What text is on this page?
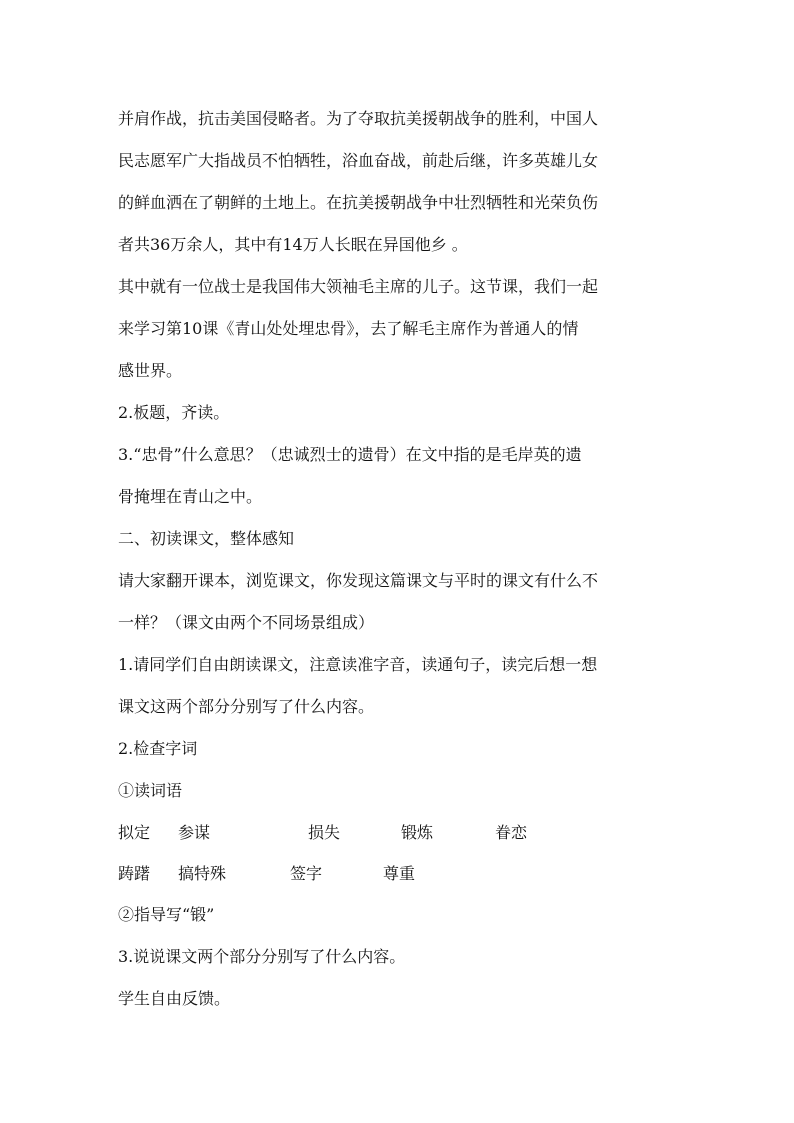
并肩作战，抗击美国侵略者。为了夺取抗美援朝战争的胜利，中国人

民志愿军广大指战员不怕牺牲，浴血奋战，前赴后继，许多英雄儿女

的鲜血洒在了朝鲜的土地上。在抗美援朝战争中壮烈牺牲和光荣负伤

者共36万余人，其中有14万人长眠在异国他乡 。

其中就有一位战士是我国伟大领袖毛主席的儿子。这节课，我们一起

来学习第10课《青山处处埋忠骨》，去了解毛主席作为普通人的情

感世界。

2.板题，齐读。

3.“忠骨”什么意思？（忠诚烈士的遗骨）在文中指的是毛岸英的遗

骨掩埋在青山之中。

二、初读课文，整体感知

请大家翻开课本，浏览课文，你发现这篇课文与平时的课文有什么不

一样？（课文由两个不同场景组成）

1.请同学们自由朗读课文，注意读准字音，读通句子，读完后想一想

课文这两个部分分别写了什么内容。

2.检查字词

①读词语

拟定 参谋	损失	锻炼	眷恋
踌躇 搞特殊	签字	尊重

②指导写“锻”

3.说说课文两个部分分别写了什么内容。

学生自由反馈。
